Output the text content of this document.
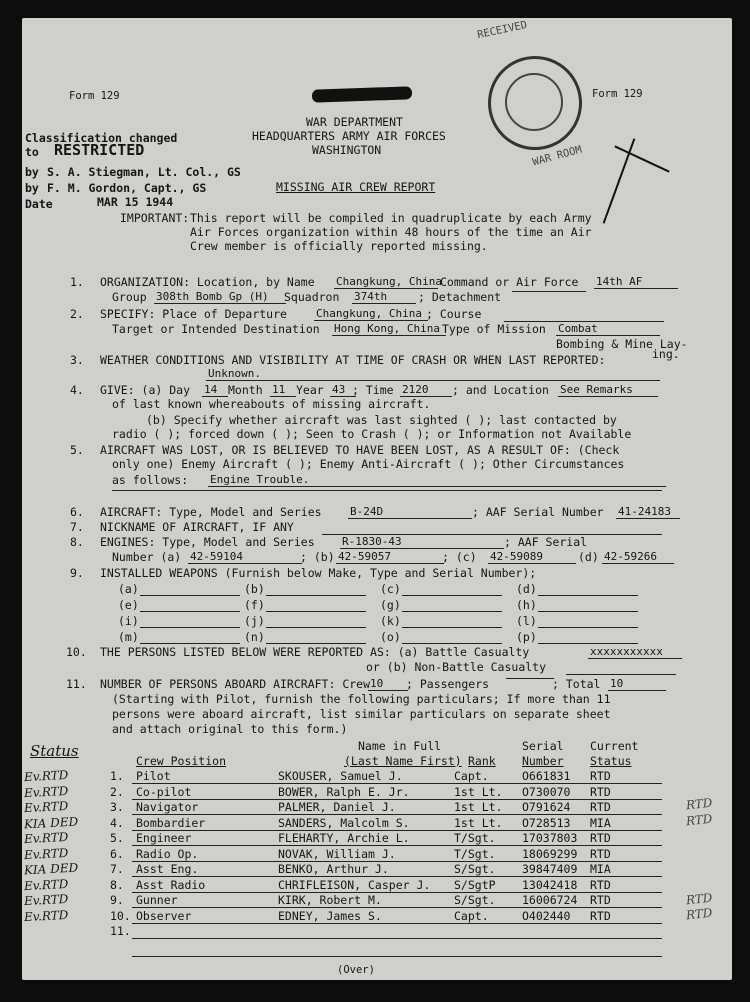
Form 129	Form 129
RECEIVED
WAR ROOM
WAR DEPARTMENT
HEADQUARTERS ARMY AIR FORCES
WASHINGTON
MISSING AIR CREW REPORT
Classification changed
to RESTRICTED
by S. A. Stiegman, Lt. Col., GS
by F. M. Gordon, Capt., GS
Date	MAR 15 1944
IMPORTANT: This report will be compiled in quadruplicate by each Army
Air Forces organization within 48 hours of the time an Air
Crew member is officially reported missing.
1. ORGANIZATION: Location, by Name Changkung, China
Command or Air Force 14th AF
Group 308th Bomb Gp (H)	Squadron 374th	; Detachment
2. SPECIFY: Place of Departure	Changkung, China ; Course
Target or Intended Destination Hong Kong, China Type of Mission Combat
Bombing & Mine Lay-
3. WEATHER CONDITIONS AND VISIBILITY AT TIME OF CRASH OR WHEN LAST REPORTED:	ing.
Unknown.
4. GIVE: (a) Day 14 Month 11 Year 43 ; Time 2120	; and Location See Remarks
of last known whereabouts of missing aircraft.
(b) Specify whether aircraft was last sighted ( ); last contacted by
radio ( ); forced down ( ); Seen to Crash ( ); or Information not Available
5. AIRCRAFT WAS LOST, OR IS BELIEVED TO HAVE BEEN LOST, AS A RESULT OF: (Check
only one) Enemy Aircraft ( ); Enemy Anti-Aircraft ( ); Other Circumstances
as follows: Engine Trouble.
6. AIRCRAFT: Type, Model and Series	B-24D	; AAF Serial Number 41-24183
7. NICKNAME OF AIRCRAFT, IF ANY
8. ENGINES: Type, Model and Series R-1830-43	; AAF Serial
Number (a) 42-59104	; (b) 42-59057	; (c) 42-59089	(d) 42-59266
9. INSTALLED WEAPONS (Furnish below Make, Type and Serial Number);
(a)	(b)	(c)	(d)
(e)	(f)	(g)	(h)
(i)	(j)	(k)	(l)
(m)	(n)	(o)	(p)
10. THE PERSONS LISTED BELOW WERE REPORTED AS: (a) Battle Casualty	xxxxxxxxxxx
or (b) Non-Battle Casualty
11. NUMBER OF PERSONS ABOARD AIRCRAFT: Crew 10	; Passengers	; Total 10
(Starting with Pilot, furnish the following particulars; If more than 11
persons were aboard aircraft, list similar particulars on separate sheet
and attach original to this form.)
Status	Name in Full
(Last Name First)
Crew Position	Rank
Serial
Number
Current
Status
Ev.RTD	1. Pilot	SKOUSER, Samuel J.	Capt.	O661831 RTD
Ev.RTD	2. Co-pilot	BOWER, Ralph E. Jr.	1st Lt. O730070 RTD
Ev.RTD	3. Navigator	PALMER, Daniel J.	1st Lt. O791624 RTD
KIA DED	4. Bombardier	SANDERS, Malcolm S.	1st Lt. O728513 MIA
Ev.RTD	5. Engineer	FLEHARTY, Archie L.	T/Sgt. 17037803 RTD
Ev.RTD	6. Radio Op.	NOVAK, William J.	T/Sgt. 18069299 RTD
KIA DED	7. Asst Eng.	BENKO, Arthur J.	S/Sgt. 39847409 MIA
Ev.RTD	8. Asst Radio	CHRIFLEISON, Casper J. S/SgtP 13042418 RTD
Ev.RTD	9. Gunner	KIRK, Robert M.	S/Sgt. 16006724 RTD
Ev.RTD	10. Observer	EDNEY, James S.	Capt.	O402440 RTD
11.
RTD
RTD
RTD
RTD
(Over)
